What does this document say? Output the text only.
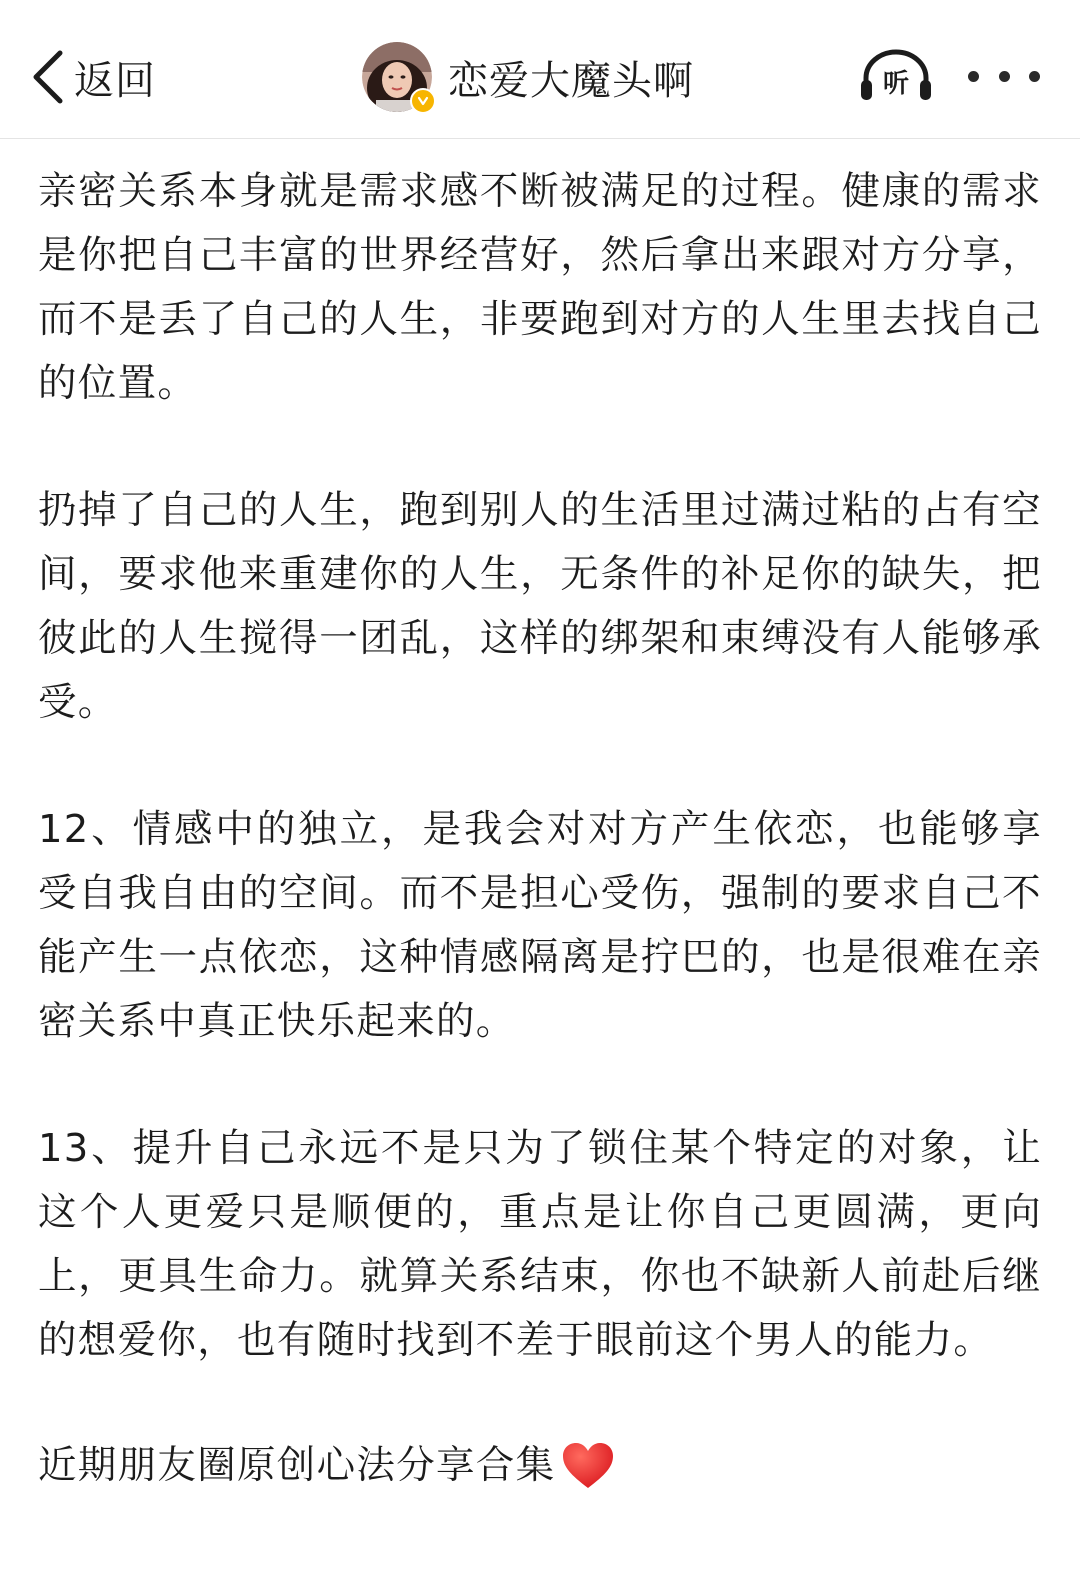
返回	恋爱大魔头啊	听

亲密关系本身就是需求感不断被满足的过程。健康的需求是你把自己丰富的世界经营好，然后拿出来跟对方分享，而不是丢了自己的人生，非要跑到对方的人生里去找自己的位置。

扔掉了自己的人生，跑到别人的生活里过满过粘的占有空间，要求他来重建你的人生，无条件的补足你的缺失，把彼此的人生搅得一团乱，这样的绑架和束缚没有人能够承受。

12、情感中的独立，是我会对对方产生依恋，也能够享受自我自由的空间。而不是担心受伤，强制的要求自己不能产生一点依恋，这种情感隔离是拧巴的，也是很难在亲密关系中真正快乐起来的。

13、提升自己永远不是只为了锁住某个特定的对象，让这个人更爱只是顺便的，重点是让你自己更圆满，更向上，更具生命力。就算关系结束，你也不缺新人前赴后继的想爱你，也有随时找到不差于眼前这个男人的能力。

近期朋友圈原创心法分享合集
